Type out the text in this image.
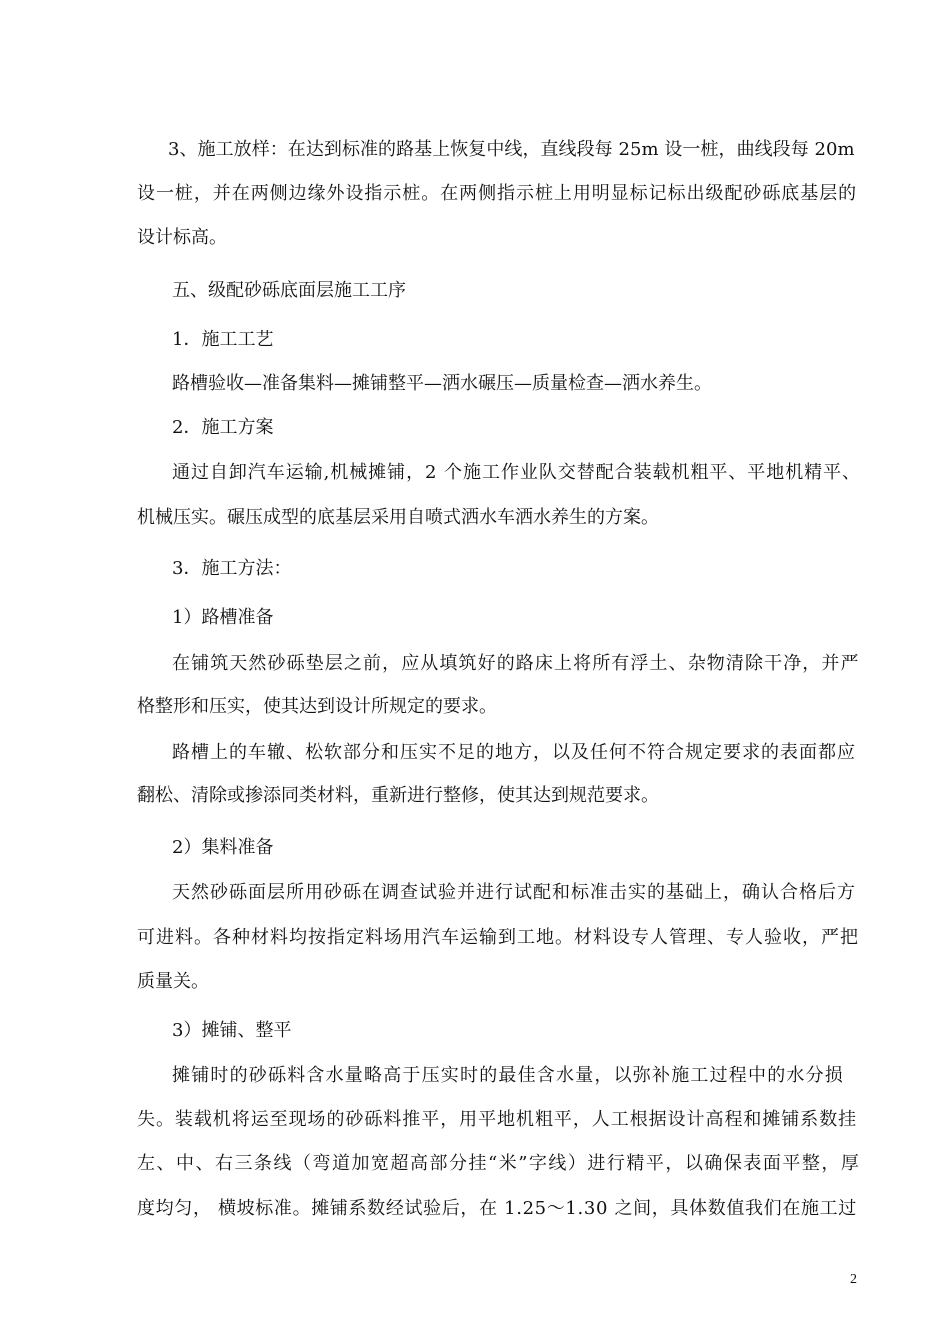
3、施工放样：在达到标准的路基上恢复中线，直线段每 25m 设一桩，曲线段每 20m

设一桩，并在两侧边缘外设指示桩。在两侧指示桩上用明显标记标出级配砂砾底基层的

设计标高。

五、级配砂砾底面层施工工序

1．施工工艺

路槽验收—准备集料—摊铺整平—洒水碾压—质量检查—洒水养生。

2．施工方案

通过自卸汽车运输,机械摊铺，2 个施工作业队交替配合装载机粗平、平地机精平、

机械压实。碾压成型的底基层采用自喷式洒水车洒水养生的方案。

3．施工方法：

1）路槽准备

在铺筑天然砂砾垫层之前，应从填筑好的路床上将所有浮土、杂物清除干净，并严

格整形和压实，使其达到设计所规定的要求。

路槽上的车辙、松软部分和压实不足的地方，以及任何不符合规定要求的表面都应

翻松、清除或掺添同类材料，重新进行整修，使其达到规范要求。

2）集料准备

天然砂砾面层所用砂砾在调查试验并进行试配和标准击实的基础上，确认合格后方

可进料。各种材料均按指定料场用汽车运输到工地。材料设专人管理、专人验收，严把

质量关。

3）摊铺、整平

摊铺时的砂砾料含水量略高于压实时的最佳含水量，以弥补施工过程中的水分损

失。装载机将运至现场的砂砾料推平，用平地机粗平，人工根据设计高程和摊铺系数挂

左、中、右三条线（弯道加宽超高部分挂“米”字线）进行精平，以确保表面平整，厚

度均匀， 横坡标准。摊铺系数经试验后，在 1.25～1.30 之间，具体数值我们在施工过

2
